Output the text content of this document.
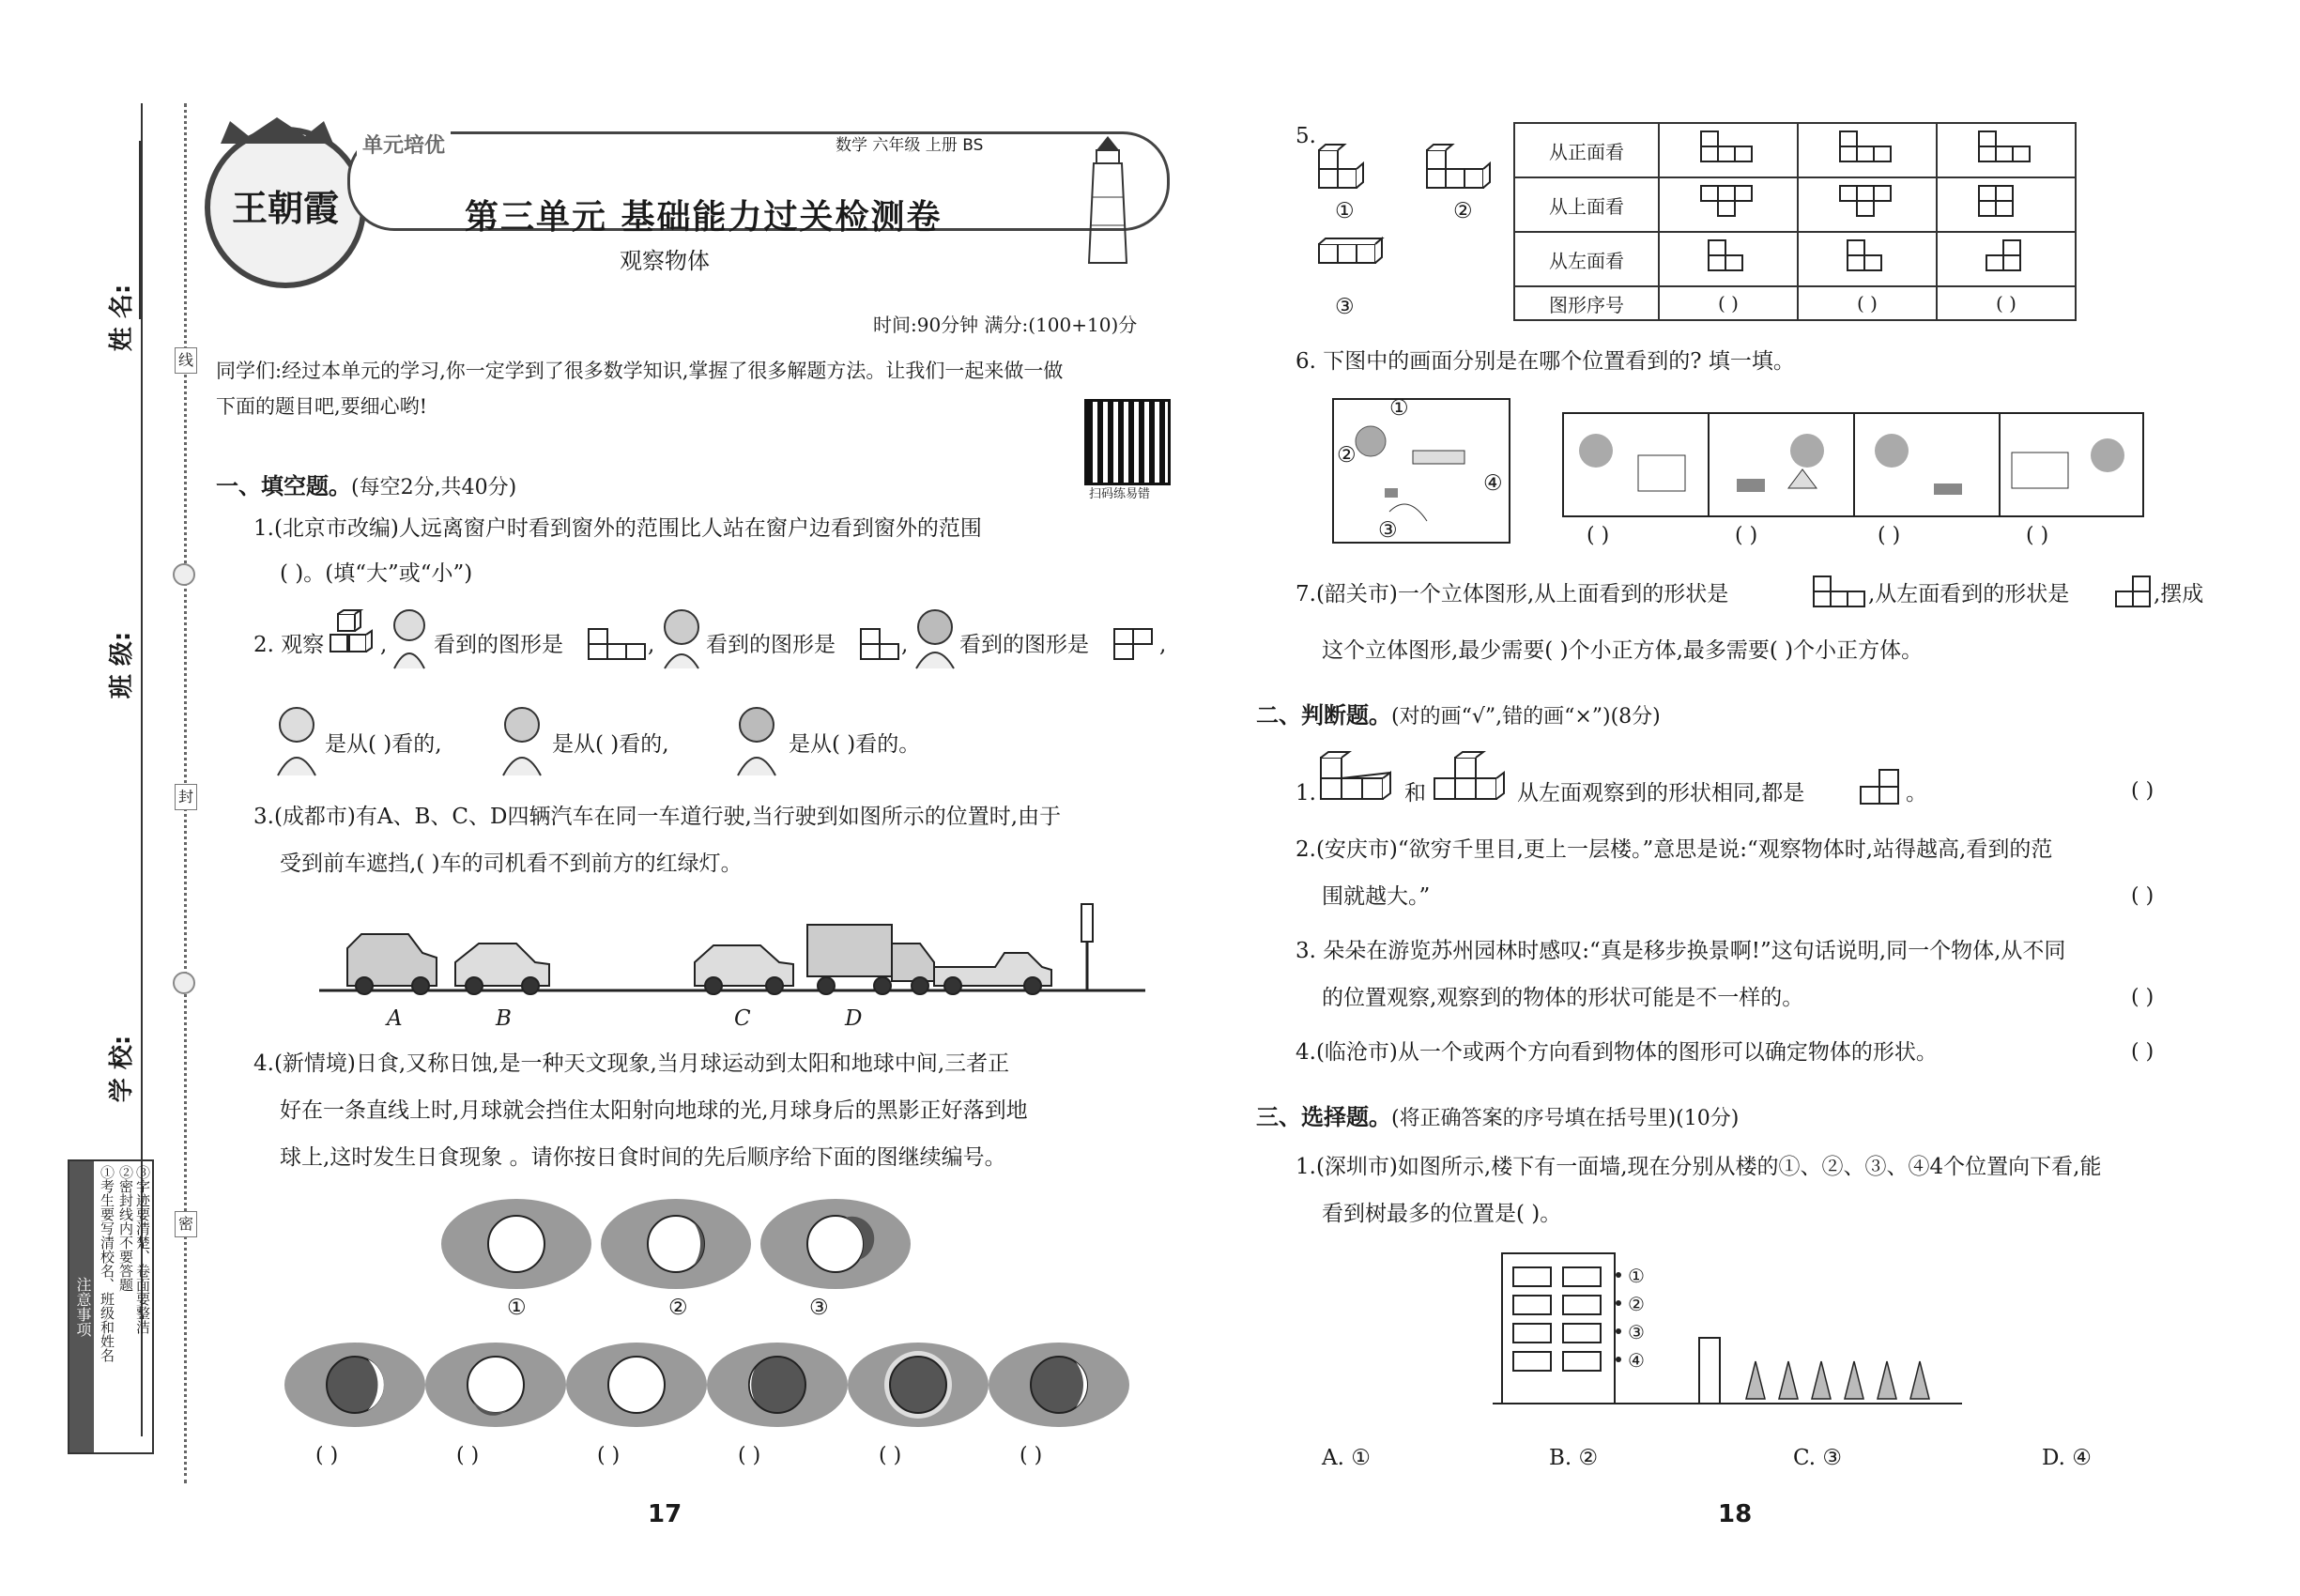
线
封
密
姓 名:
班 级:
学 校:
注意事项 ①考生要写清校名、班级和姓名 ②密封线内不要答题 ③字迹要清楚、卷面要整洁
王朝霞
单元培优	数学 六年级 上册 BS
第三单元 基础能力过关检测卷
观察物体
时间:90分钟 满分:(100+10)分
同学们:经过本单元的学习,你一定学到了很多数学知识,掌握了很多解题方法。让我们一起来做一做
下面的题目吧,要细心哟!
扫码练易错
一、填空题。(每空2分,共40分)
1.(北京市改编)人远离窗户时看到窗外的范围比人站在窗户边看到窗外的范围
( )。(填“大”或“小”)
2. 观察	, 看到的图形是	, 看到的图形是	, 看到的图形是	,
是从( )看的,	是从( )看的,	是从( )看的。
3.(成都市)有A、B、C、D四辆汽车在同一车道行驶,当行驶到如图所示的位置时,由于
受到前车遮挡,( )车的司机看不到前方的红绿灯。
A	B	C	D
4.(新情境)日食,又称日蚀,是一种天文现象,当月球运动到太阳和地球中间,三者正
好在一条直线上时,月球就会挡住太阳射向地球的光,月球身后的黑影正好落到地
球上,这时发生日食现象 。请你按日食时间的先后顺序给下面的图继续编号。
①	②	③
( )	( )	( )	( )	( )	( )
17
5.
①	②
③
从正面看			
从上面看			
从左面看			
图形序号	( )	( )	( )
6. 下图中的画面分别是在哪个位置看到的? 填一填。
①
②
③
④
( )	( )	( )	( )
7.(韶关市)一个立体图形,从上面看到的形状是	,从左面看到的形状是	,摆成
这个立体图形,最少需要( )个小正方体,最多需要( )个小正方体。
二、判断题。(对的画“√”,错的画“×”)(8分)
1.	和	从左面观察到的形状相同,都是	。	( )
2.(安庆市)“欲穷千里目,更上一层楼。”意思是说:“观察物体时,站得越高,看到的范
围就越大。”	( )
3. 朵朵在游览苏州园林时感叹:“真是移步换景啊!”这句话说明,同一个物体,从不同
的位置观察,观察到的物体的形状可能是不一样的。	( )
4.(临沧市)从一个或两个方向看到物体的图形可以确定物体的形状。	( )
三、选择题。(将正确答案的序号填在括号里)(10分)
1.(深圳市)如图所示,楼下有一面墙,现在分别从楼的①、②、③、④4个位置向下看,能
看到树最多的位置是( )。
①
②
③
④
A. ①	B. ②	C. ③	D. ④
18
